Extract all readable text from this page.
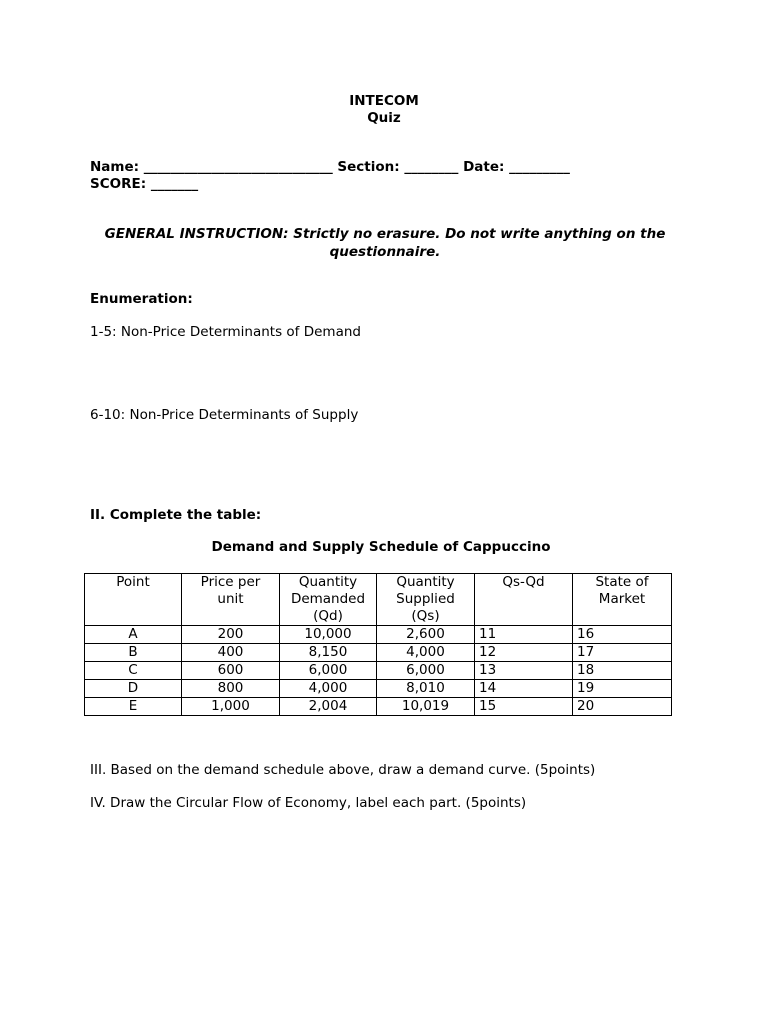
INTECOM
Quiz
Name: ____________________________ Section: ________ Date: _________
SCORE: _______
GENERAL INSTRUCTION: Strictly no erasure. Do not write anything on the questionnaire.
Enumeration:
1-5: Non-Price Determinants of Demand
6-10: Non-Price Determinants of Supply
II. Complete the table:
Demand and Supply Schedule of Cappuccino
Point	Price per unit	Quantity Demanded (Qd)	Quantity Supplied (Qs)	Qs-Qd	State of Market
A	200	10,000	2,600	11	16
B	400	8,150	4,000	12	17
C	600	6,000	6,000	13	18
D	800	4,000	8,010	14	19
E	1,000	2,004	10,019	15	20
III. Based on the demand schedule above, draw a demand curve. (5points)
IV. Draw the Circular Flow of Economy, label each part. (5points)
